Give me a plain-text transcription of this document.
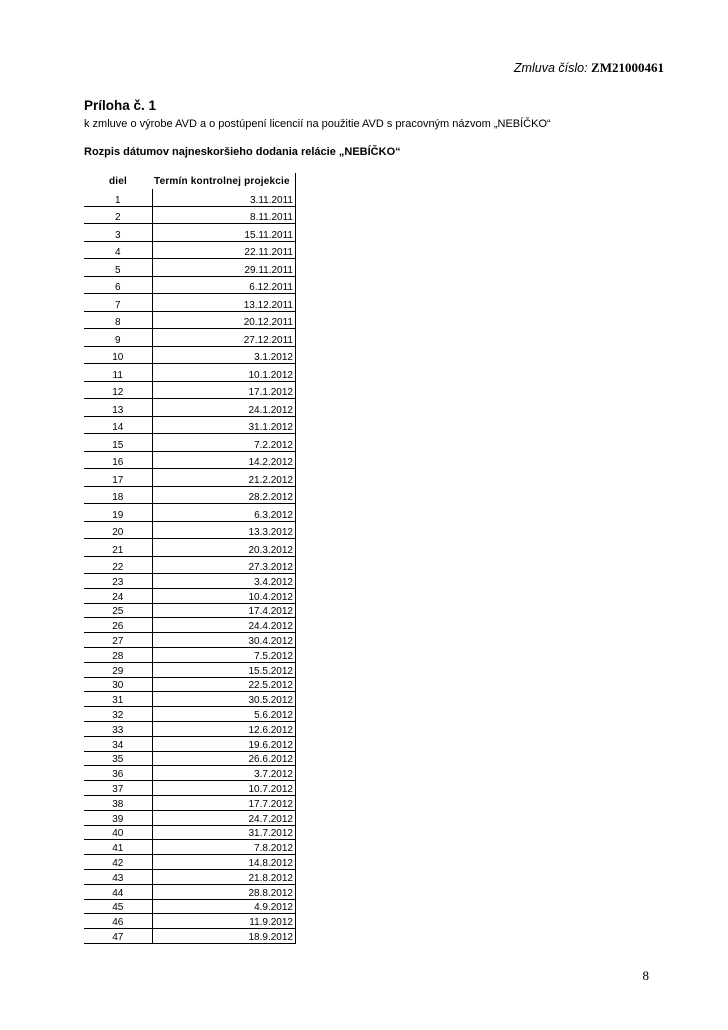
Zmluva číslo: ZM21000461
Príloha č. 1
k zmluve o výrobe AVD a o postúpení licencií na použitie AVD s pracovným názvom „NEBÍČKO“
Rozpis dátumov najneskoršieho dodania relácie „NEBÍČKO“
diel	Termín kontrolnej projekcie
1	3.11.2011
2	8.11.2011
3	15.11.2011
4	22.11.2011
5	29.11.2011
6	6.12.2011
7	13.12.2011
8	20.12.2011
9	27.12.2011
10	3.1.2012
11	10.1.2012
12	17.1.2012
13	24.1.2012
14	31.1.2012
15	7.2.2012
16	14.2.2012
17	21.2.2012
18	28.2.2012
19	6.3.2012
20	13.3.2012
21	20.3.2012
22	27.3.2012
23	3.4.2012
24	10.4.2012
25	17.4.2012
26	24.4.2012
27	30.4.2012
28	7.5.2012
29	15.5.2012
30	22.5.2012
31	30.5.2012
32	5.6.2012
33	12.6.2012
34	19.6.2012
35	26.6.2012
36	3.7.2012
37	10.7.2012
38	17.7.2012
39	24.7.2012
40	31.7.2012
41	7.8.2012
42	14.8.2012
43	21.8.2012
44	28.8.2012
45	4.9.2012
46	11.9.2012
47	18.9.2012
8
